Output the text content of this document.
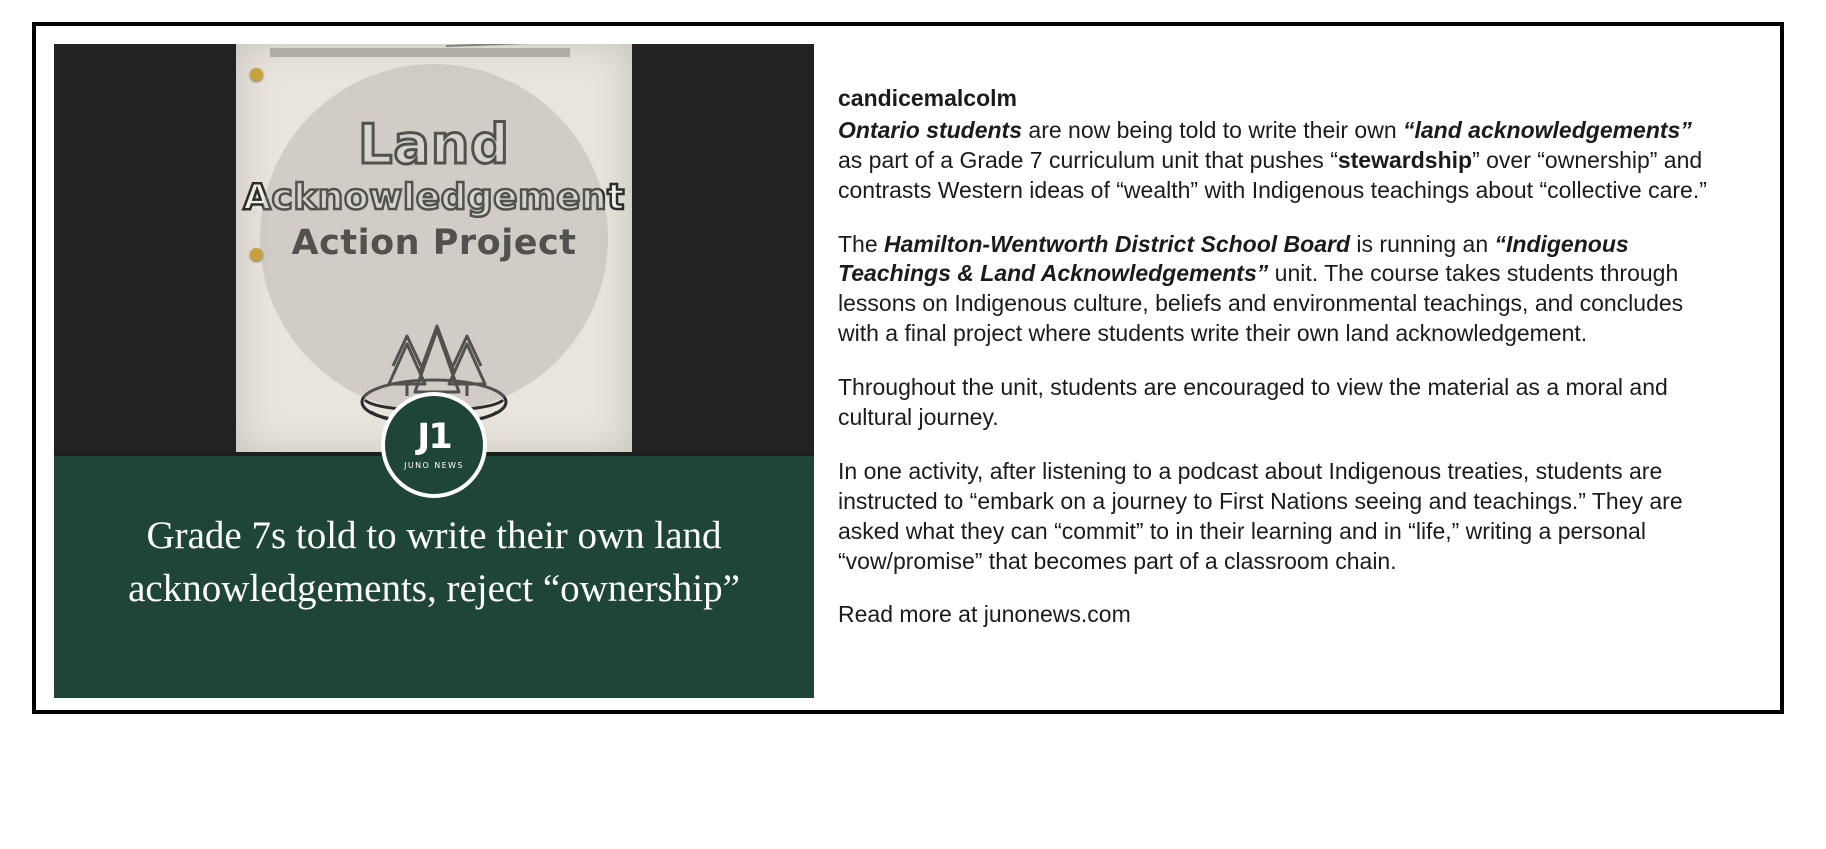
Land
Acknowledgement
Action Project
J1
JUNO NEWS
Grade 7s told to write their own land acknowledgements, reject “ownership”
candicemalcolm
Ontario students are now being told to write their own “land acknowledgements” as part of a Grade 7 curriculum unit that pushes “stewardship” over “ownership” and contrasts Western ideas of “wealth” with Indigenous teachings about “collective care.”
The Hamilton-Wentworth District School Board is running an “Indigenous Teachings & Land Acknowledgements” unit. The course takes students through lessons on Indigenous culture, beliefs and environmental teachings, and concludes with a final project where students write their own land acknowledgement.
Throughout the unit, students are encouraged to view the material as a moral and cultural journey.
In one activity, after listening to a podcast about Indigenous treaties, students are instructed to “embark on a journey to First Nations seeing and teachings.” They are asked what they can “commit” to in their learning and in “life,” writing a personal “vow/promise” that becomes part of a classroom chain.
Read more at junonews.com
